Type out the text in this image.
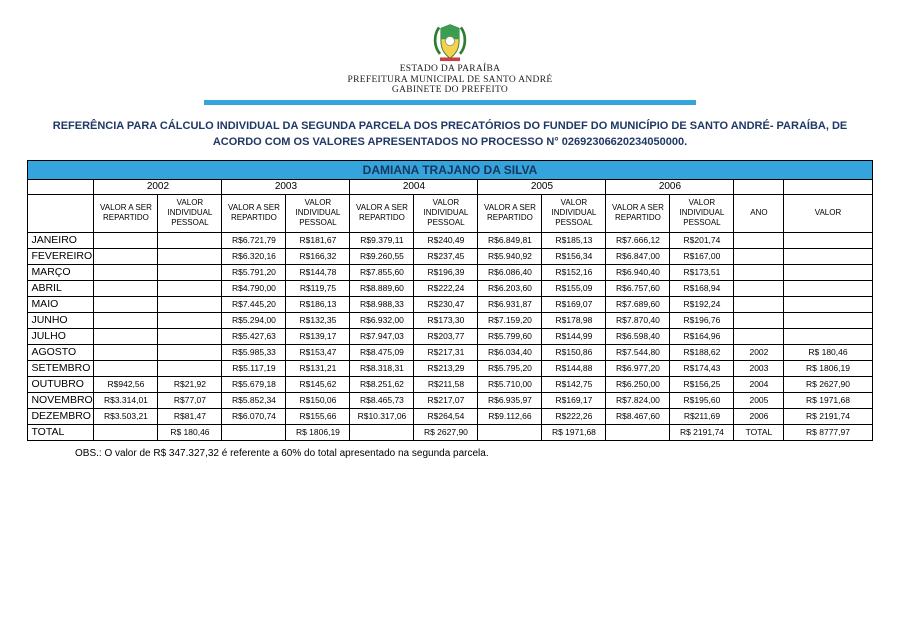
ESTADO DA PARAÍBA
PREFEITURA MUNICIPAL DE SANTO ANDRÉ
GABINETE DO PREFEITO

REFERÊNCIA PARA CÁLCULO INDIVIDUAL DA SEGUNDA PARCELA DOS PRECATÓRIOS DO FUNDEF DO MUNICÍPIO DE SANTO ANDRÉ- PARAÍBA, DE ACORDO COM OS VALORES APRESENTADOS NO PROCESSO N° 02692306620234050000.

DAMIANA TRAJANO DA SILVA												
	2002		2003		2004		2005		2006			
	VALOR A SER REPARTIDO	VALOR INDIVIDUAL PESSOAL	VALOR A SER REPARTIDO	VALOR INDIVIDUAL PESSOAL	VALOR A SER REPARTIDO	VALOR INDIVIDUAL PESSOAL	VALOR A SER REPARTIDO	VALOR INDIVIDUAL PESSOAL	VALOR A SER REPARTIDO	VALOR INDIVIDUAL PESSOAL	ANO	VALOR
JANEIRO			R$6.721,79	R$181,67	R$9.379,11	R$240,49	R$6.849,81	R$185,13	R$7.666,12	R$201,74		
FEVEREIRO			R$6.320,16	R$166,32	R$9.260,55	R$237,45	R$5.940,92	R$156,34	R$6.847,00	R$167,00		
MARÇO			R$5.791,20	R$144,78	R$7.855,60	R$196,39	R$6.086,40	R$152,16	R$6.940,40	R$173,51		
ABRIL			R$4.790,00	R$119,75	R$8.889,60	R$222,24	R$6.203,60	R$155,09	R$6.757,60	R$168,94		
MAIO			R$7.445,20	R$186,13	R$8.988,33	R$230,47	R$6.931,87	R$169,07	R$7.689,60	R$192,24		
JUNHO			R$5.294,00	R$132,35	R$6.932,00	R$173,30	R$7.159,20	R$178,98	R$7.870,40	R$196,76		
JULHO			R$5.427,63	R$139,17	R$7.947,03	R$203,77	R$5.799,60	R$144,99	R$6.598,40	R$164,96		
AGOSTO			R$5.985,33	R$153,47	R$8.475,09	R$217,31	R$6.034,40	R$150,86	R$7.544,80	R$188,62	2002	R$ 180,46
SETEMBRO			R$5.117,19	R$131,21	R$8.318,31	R$213,29	R$5.795,20	R$144,88	R$6.977,20	R$174,43	2003	R$ 1806,19
OUTUBRO	R$942,56	R$21,92	R$5.679,18	R$145,62	R$8.251,62	R$211,58	R$5.710,00	R$142,75	R$6.250,00	R$156,25	2004	R$ 2627,90
NOVEMBRO	R$3.314,01	R$77,07	R$5.852,34	R$150,06	R$8.465,73	R$217,07	R$6.935,97	R$169,17	R$7.824,00	R$195,60	2005	R$ 1971,68
DEZEMBRO	R$3.503,21	R$81,47	R$6.070,74	R$155,66	R$10.317,06	R$264,54	R$9.112,66	R$222,26	R$8.467,60	R$211,69	2006	R$ 2191,74
TOTAL		R$ 180,46		R$ 1806,19		R$ 2627,90		R$ 1971,68		R$ 2191,74	TOTAL	R$ 8777,97

OBS.: O valor de R$ 347.327,32 é referente a 60% do total apresentado na segunda parcela.
